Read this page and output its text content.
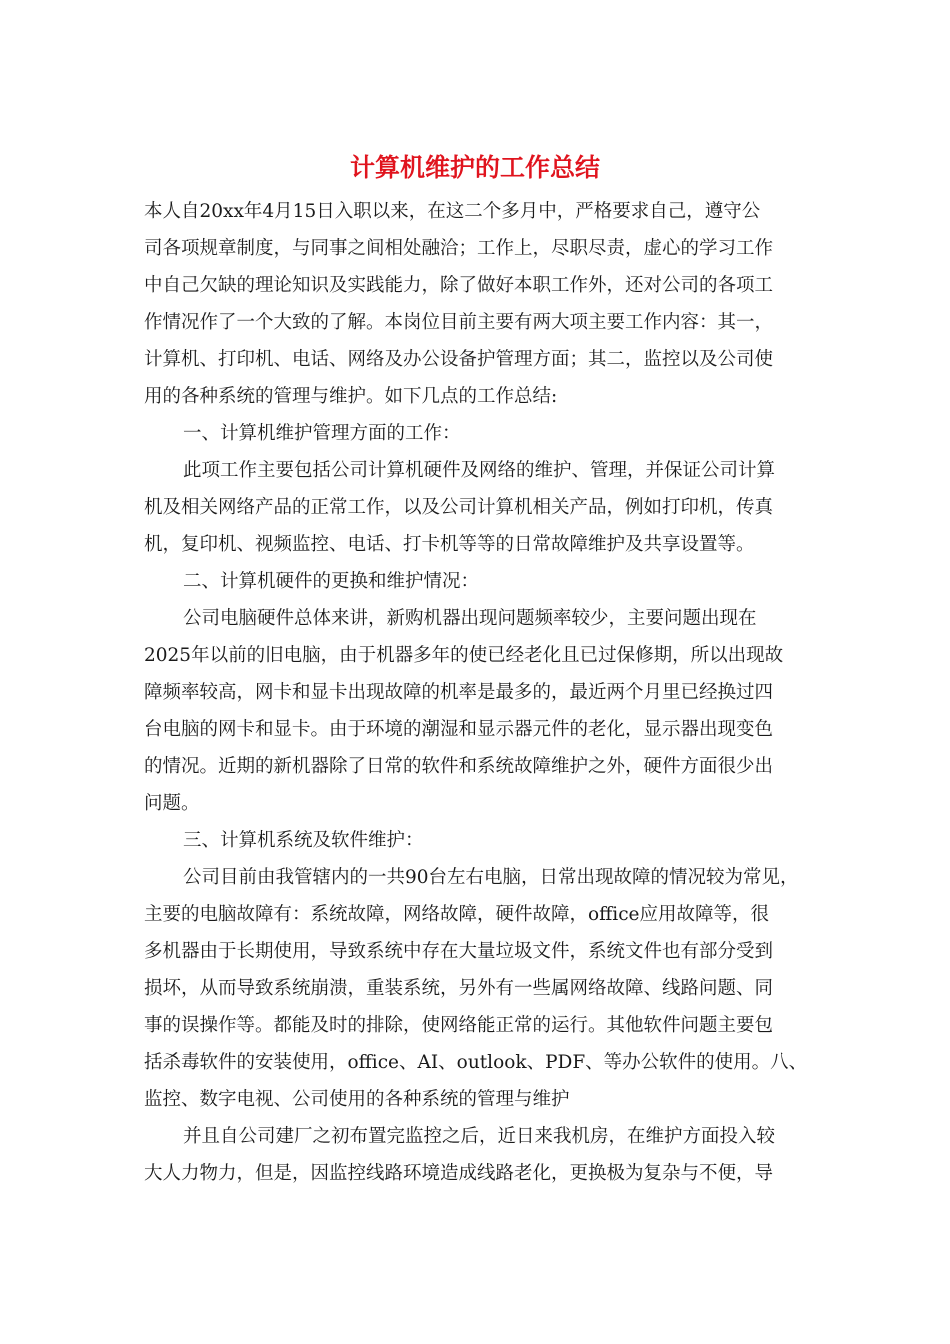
计算机维护的工作总结
本人自20xx年4月15日入职以来，在这二个多月中，严格要求自己，遵守公
司各项规章制度，与同事之间相处融洽；工作上，尽职尽责，虚心的学习工作
中自己欠缺的理论知识及实践能力，除了做好本职工作外，还对公司的各项工
作情况作了一个大致的了解。本岗位目前主要有两大项主要工作内容：其一，
计算机、打印机、电话、网络及办公设备护管理方面；其二，监控以及公司使
用的各种系统的管理与维护。如下几点的工作总结:
一、计算机维护管理方面的工作：
此项工作主要包括公司计算机硬件及网络的维护、管理，并保证公司计算
机及相关网络产品的正常工作，以及公司计算机相关产品，例如打印机，传真
机，复印机、视频监控、电话、打卡机等等的日常故障维护及共享设置等。
二、计算机硬件的更换和维护情况：
公司电脑硬件总体来讲，新购机器出现问题频率较少，主要问题出现在
2025年以前的旧电脑，由于机器多年的使已经老化且已过保修期，所以出现故
障频率较高，网卡和显卡出现故障的机率是最多的，最近两个月里已经换过四
台电脑的网卡和显卡。由于环境的潮湿和显示器元件的老化，显示器出现变色
的情况。近期的新机器除了日常的软件和系统故障维护之外，硬件方面很少出
问题。
三、计算机系统及软件维护：
公司目前由我管辖内的一共90台左右电脑，日常出现故障的情况较为常见，
主要的电脑故障有：系统故障，网络故障，硬件故障，office应用故障等，很
多机器由于长期使用，导致系统中存在大量垃圾文件，系统文件也有部分受到
损坏，从而导致系统崩溃，重装系统，另外有一些属网络故障、线路问题、同
事的误操作等。都能及时的排除，使网络能正常的运行。其他软件问题主要包
括杀毒软件的安装使用，office、AI、outlook、PDF、等办公软件的使用。八、
监控、数字电视、公司使用的各种系统的管理与维护
并且自公司建厂之初布置完监控之后，近日来我机房，在维护方面投入较
大人力物力，但是，因监控线路环境造成线路老化，更换极为复杂与不便，导
